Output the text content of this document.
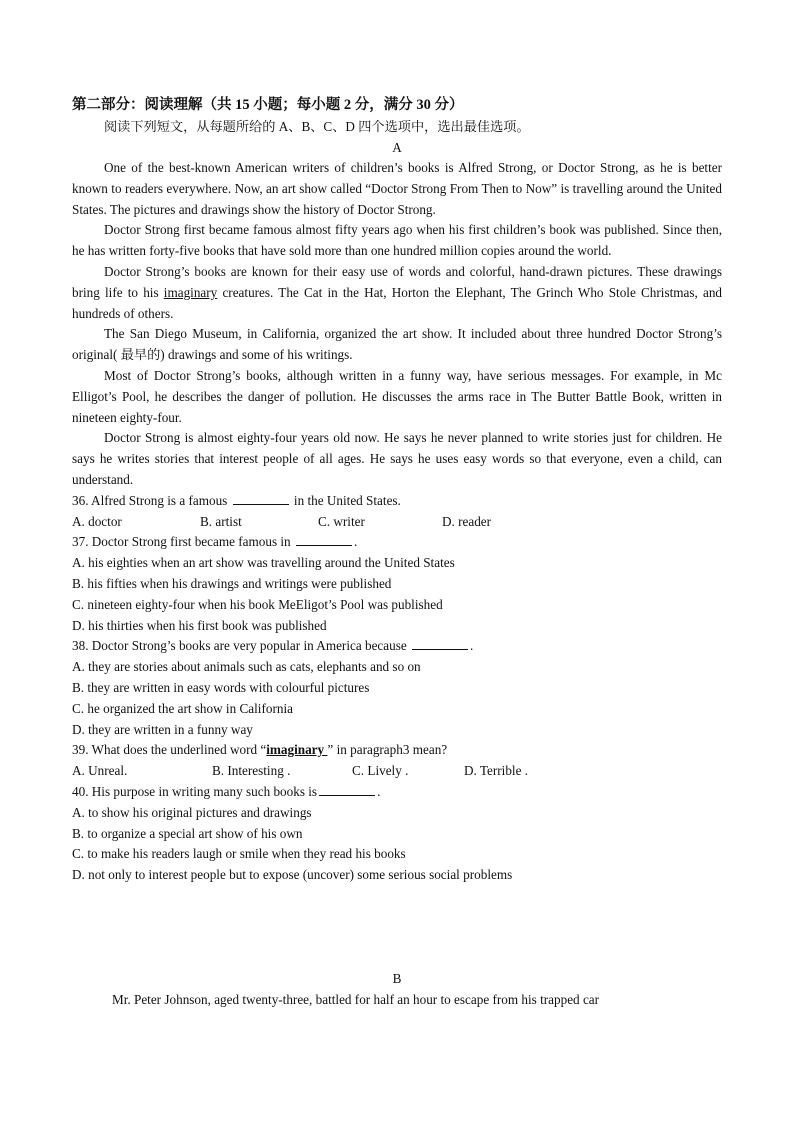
第二部分：阅读理解（共 15 小题；每小题 2 分，满分 30 分）

阅读下列短文，从每题所给的 A、B、C、D 四个选项中，选出最佳选项。

A

One of the best-known American writers of children’s books is Alfred Strong, or Doctor Strong, as he is better known to readers everywhere. Now, an art show called “Doctor Strong From Then to Now” is travelling around the United States. The pictures and drawings show the history of Doctor Strong.

Doctor Strong first became famous almost fifty years ago when his first children’s book was published. Since then, he has written forty-five books that have sold more than one hundred million copies around the world.

Doctor Strong’s books are known for their easy use of words and colorful, hand-drawn pictures. These drawings bring life to his imaginary creatures. The Cat in the Hat, Horton the Elephant, The Grinch Who Stole Christmas, and hundreds of others.

The San Diego Museum, in California, organized the art show. It included about three hundred Doctor Strong’s original( 最早的) drawings and some of his writings.

Most of Doctor Strong’s books, although written in a funny way, have serious messages. For example, in Mc Elligot’s Pool, he describes the danger of pollution. He discusses the arms race in The Butter Battle Book, written in nineteen eighty-four.

Doctor Strong is almost eighty-four years old now. He says he never planned to write stories just for children. He says he writes stories that interest people of all ages. He says he uses easy words so that everyone, even a child, can understand.

36. Alfred Strong is a famous	in the United States.

A. doctor	B. artist	C. writer	D. reader

37. Doctor Strong first became famous in	.

A. his eighties when an art show was travelling around the United States

B. his fifties when his drawings and writings were published

C. nineteen eighty-four when his book MeEligot’s Pool was published

D. his thirties when his first book was published

38. Doctor Strong’s books are very popular in America because	.

A. they are stories about animals such as cats, elephants and so on

B. they are written in easy words with colourful pictures

C. he organized the art show in California

D. they are written in a funny way

39. What does the underlined word “imaginary ” in paragraph3 mean?

A. Unreal.	B. Interesting .	C. Lively .	D. Terrible .

40. His purpose in writing many such books is	.

A. to show his original pictures and drawings

B. to organize a special art show of his own

C. to make his readers laugh or smile when they read his books

D. not only to interest people but to expose (uncover) some serious social problems

B

Mr. Peter Johnson, aged twenty-three, battled for half an hour to escape from his trapped car
